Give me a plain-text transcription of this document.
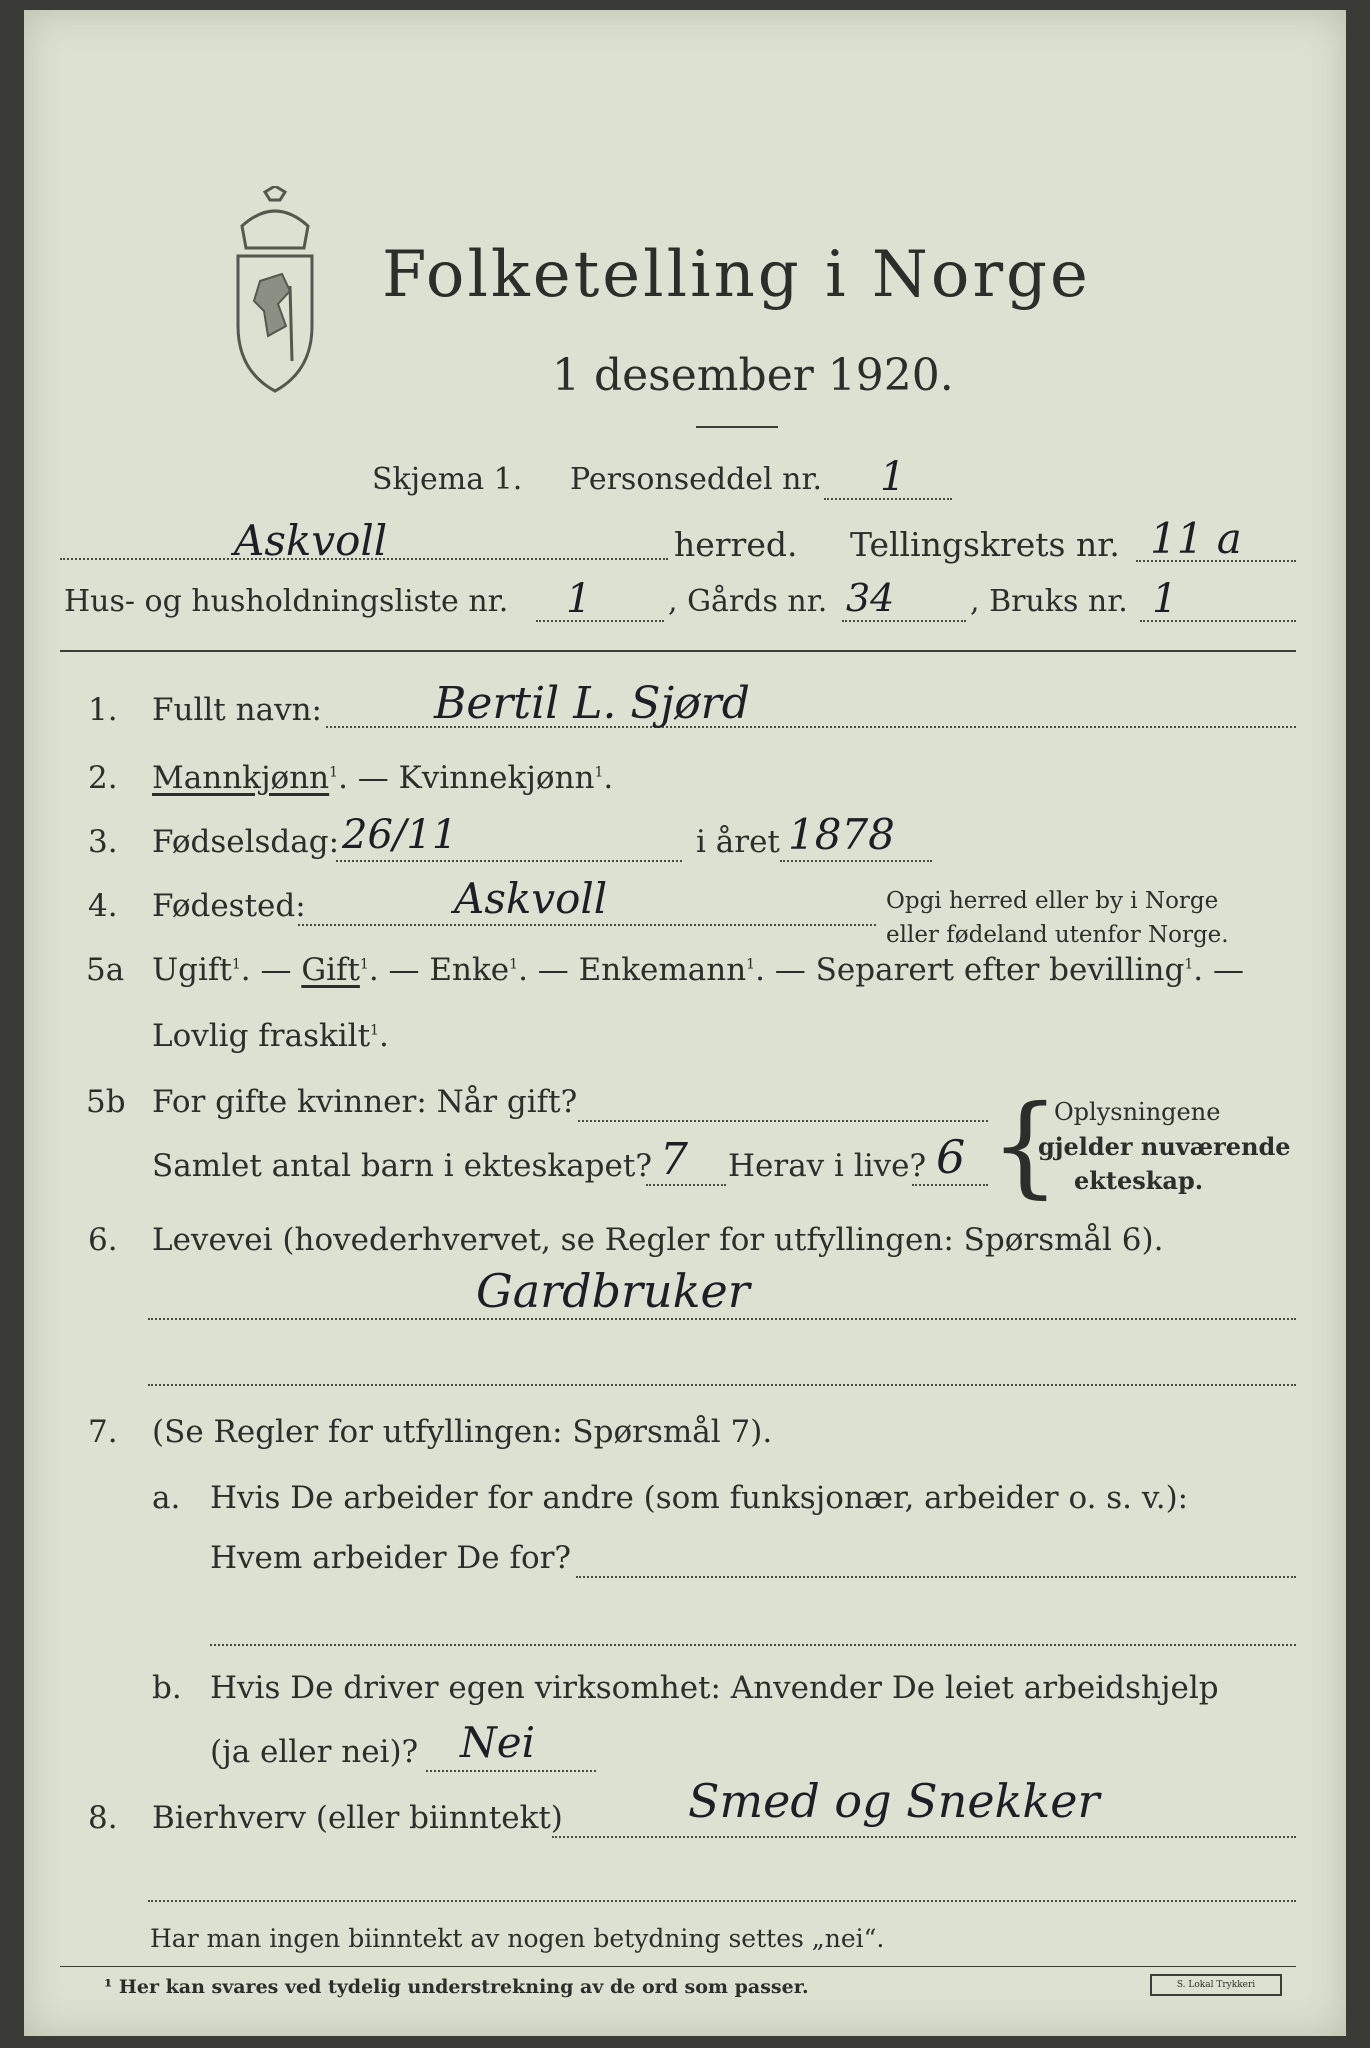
Folketelling i Norge
1 desember 1920.
Skjema 1. Personseddel nr. 1
Askvoll	herred. Tellingskrets nr. 11 a
Hus- og husholdningsliste nr. 1	, Gårds nr. 34	, Bruks nr. 1
1. Fullt navn:	Bertil L. Sjørd
2. Mannkjønn$^1$. — Kvinnekjønn$^1$.
3. Fødselsdag: 26/11	i året 1878
4. Fødested:	Askvoll	Opgi herred eller by i Norge
eller fødeland utenfor Norge.
5a Ugift$^1$. — Gift$^1$. — Enke$^1$. — Enkemann$^1$. — Separert efter bevilling$^1$. —
Lovlig fraskilt$^1$.
5b For gifte kvinner: Når gift?
Samlet antal barn i ekteskapet? 7 Herav i live? 6 {
Oplysningene
gjelder nuværende
ekteskap.
6. Levevei (hovederhvervet, se Regler for utfyllingen: Spørsmål 6).
Gardbruker
7. (Se Regler for utfyllingen: Spørsmål 7).
a. Hvis De arbeider for andre (som funksjonær, arbeider o. s. v.):
Hvem arbeider De for?
b. Hvis De driver egen virksomhet: Anvender De leiet arbeidshjelp
(ja eller nei)? Nei
8. Bierhverv (eller biinntekt)	Smed og Snekker
Har man ingen biinntekt av nogen betydning settes „nei“.
¹ Her kan svares ved tydelig understrekning av de ord som passer.	S. Lokal Trykkeri
